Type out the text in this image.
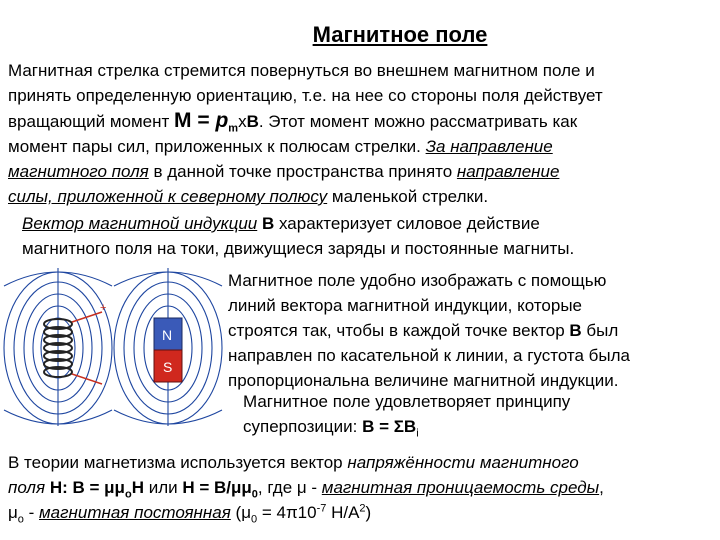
Магнитное поле
Магнитная стрелка стремится повернуться во внешнем магнитном поле и
принять определенную ориентацию, т.е. на нее со стороны поля действует
вращающий момент $M = p_mxB$. Этот момент можно рассматривать как
момент пары сил, приложенных к полюсам стрелки. За направление
магнитного поля в данной точке пространства принято направление
силы, приложенной к северному полюсу маленькой стрелки.
Вектор магнитной индукции B характеризует силовое действие
магнитного поля на токи, движущиеся заряды и постоянные магниты.
+
N
S
Магнитное поле удобно изображать с помощью
линий вектора магнитной индукции, которые
строятся так, чтобы в каждой точке вектор B был
направлен по касательной к линии, а густота была
пропорциональна величине магнитной индукции.
Магнитное поле удовлетворяет принципу
суперпозиции: $B = \Sigma B_i$
В теории магнетизма используется вектор напряжённости магнитного
поля H: $B = \mu\mu_oH$ или $H = B/\mu\mu_0$, где μ - магнитная проницаемость среды,
$\mu_o$ - магнитная постоянная ($\mu_0 = 4\pi 10^{-7}$ $Н/А^2$)
